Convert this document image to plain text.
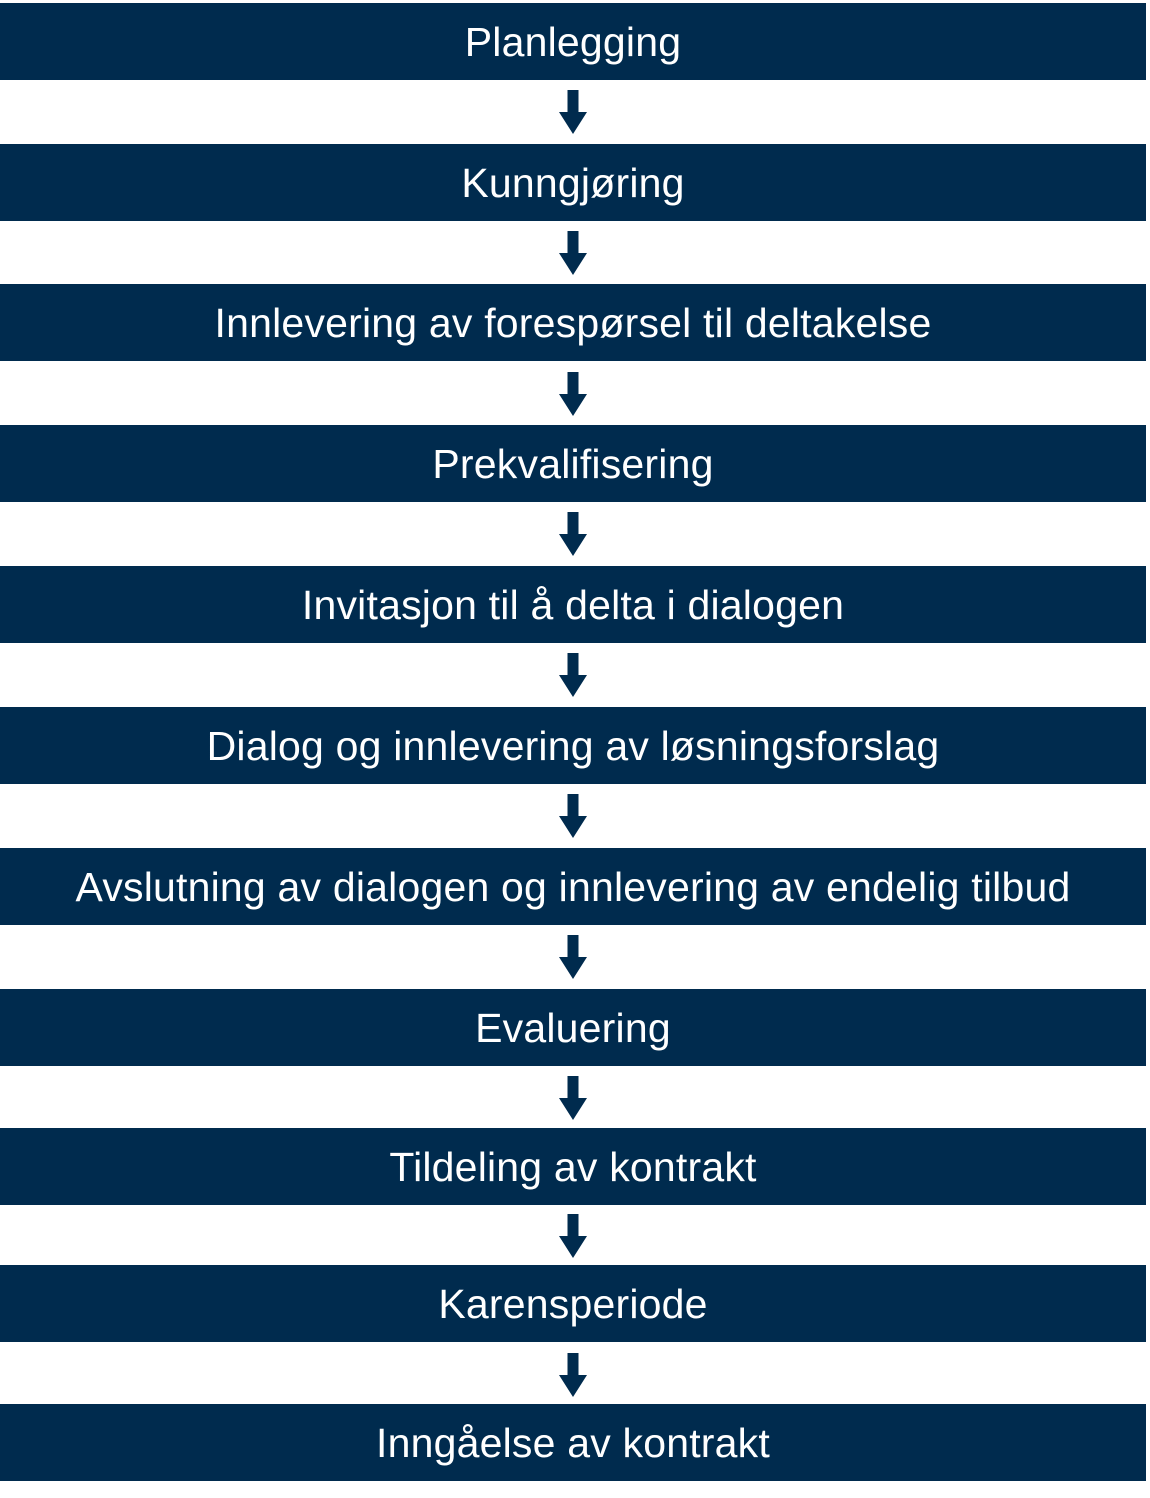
Planlegging
Kunngjøring
Innlevering av forespørsel til deltakelse
Prekvalifisering
Invitasjon til å delta i dialogen
Dialog og innlevering av løsningsforslag
Avslutning av dialogen og innlevering av endelig tilbud
Evaluering
Tildeling av kontrakt
Karensperiode
Inngåelse av kontrakt
